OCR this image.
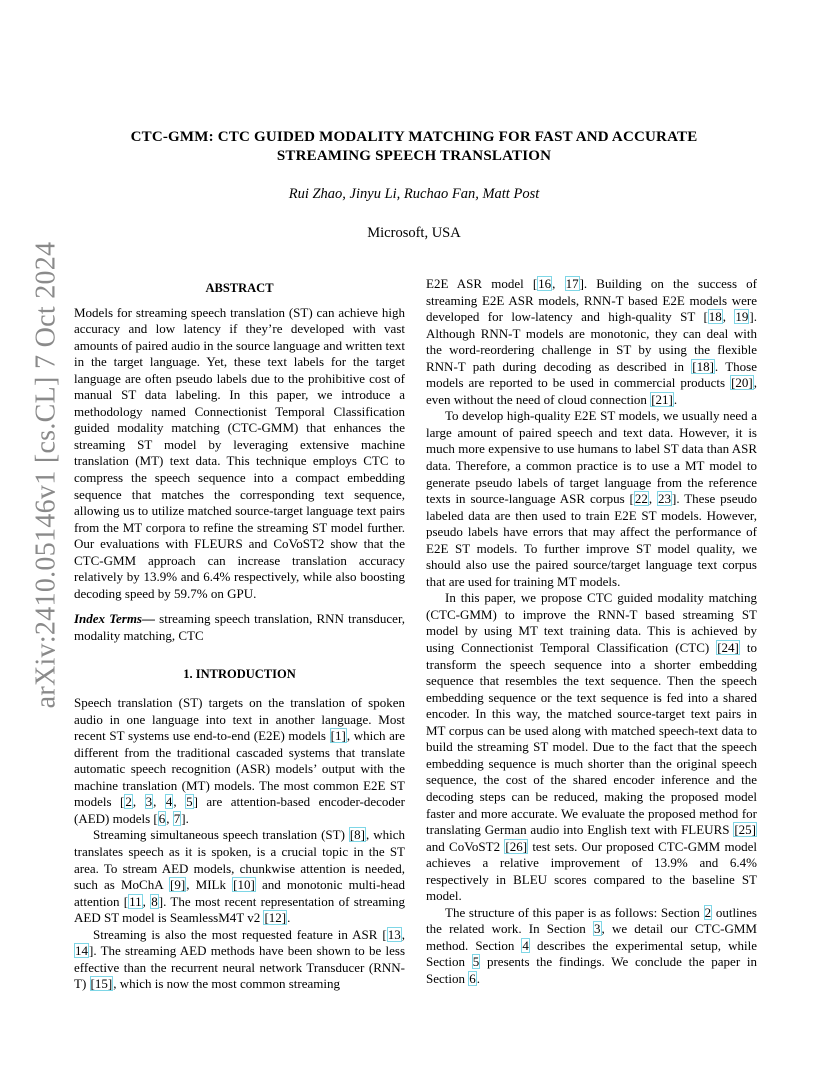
arXiv:2410.05146v1 [cs.CL] 7 Oct 2024
CTC-GMM: CTC GUIDED MODALITY MATCHING FOR FAST AND ACCURATE
STREAMING SPEECH TRANSLATION
Rui Zhao, Jinyu Li, Ruchao Fan, Matt Post
Microsoft, USA
ABSTRACT

Models for streaming speech translation (ST) can achieve high accuracy and low latency if they’re developed with vast amounts of paired audio in the source language and written text in the target language. Yet, these text labels for the target language are often pseudo labels due to the prohibitive cost of manual ST data labeling. In this paper, we introduce a methodology named Connectionist Temporal Classification guided modality matching (CTC-GMM) that enhances the streaming ST model by leveraging extensive machine translation (MT) text data. This technique employs CTC to compress the speech sequence into a compact embedding sequence that matches the corresponding text sequence, allowing us to utilize matched source-target language text pairs from the MT corpora to refine the streaming ST model further. Our evaluations with FLEURS and CoVoST2 show that the CTC-GMM approach can increase translation accuracy relatively by 13.9% and 6.4% respectively, while also boosting decoding speed by 59.7% on GPU.

Index Terms— streaming speech translation, RNN transducer, modality matching, CTC

1. INTRODUCTION

Speech translation (ST) targets on the translation of spoken audio in one language into text in another language. Most recent ST systems use end-to-end (E2E) models [1], which are different from the traditional cascaded systems that translate automatic speech recognition (ASR) models’ output with the machine translation (MT) models. The most common E2E ST models [2, 3, 4, 5] are attention-based encoder-decoder (AED) models [6, 7].

Streaming simultaneous speech translation (ST) [8], which translates speech as it is spoken, is a crucial topic in the ST area. To stream AED models, chunkwise attention is needed, such as MoChA [9], MILk [10] and monotonic multi-head attention [11, 8]. The most recent representation of streaming AED ST model is SeamlessM4T v2 [12].

Streaming is also the most requested feature in ASR [13, 14]. The streaming AED methods have been shown to be less effective than the recurrent neural network Transducer (RNN-T) [15], which is now the most common streaming

E2E ASR model [16, 17]. Building on the success of streaming E2E ASR models, RNN-T based E2E models were developed for low-latency and high-quality ST [18, 19]. Although RNN-T models are monotonic, they can deal with the word-reordering challenge in ST by using the flexible RNN-T path during decoding as described in [18]. Those models are reported to be used in commercial products [20], even without the need of cloud connection [21].

To develop high-quality E2E ST models, we usually need a large amount of paired speech and text data. However, it is much more expensive to use humans to label ST data than ASR data. Therefore, a common practice is to use a MT model to generate pseudo labels of target language from the reference texts in source-language ASR corpus [22, 23]. These pseudo labeled data are then used to train E2E ST models. However, pseudo labels have errors that may affect the performance of E2E ST models. To further improve ST model quality, we should also use the paired source/target language text corpus that are used for training MT models.

In this paper, we propose CTC guided modality matching (CTC-GMM) to improve the RNN-T based streaming ST model by using MT text training data. This is achieved by using Connectionist Temporal Classification (CTC) [24] to transform the speech sequence into a shorter embedding sequence that resembles the text sequence. Then the speech embedding sequence or the text sequence is fed into a shared encoder. In this way, the matched source-target text pairs in MT corpus can be used along with matched speech-text data to build the streaming ST model. Due to the fact that the speech embedding sequence is much shorter than the original speech sequence, the cost of the shared encoder inference and the decoding steps can be reduced, making the proposed model faster and more accurate. We evaluate the proposed method for translating German audio into English text with FLEURS [25] and CoVoST2 [26] test sets. Our proposed CTC-GMM model achieves a relative improvement of 13.9% and 6.4% respectively in BLEU scores compared to the baseline ST model.

The structure of this paper is as follows: Section 2 outlines the related work. In Section 3, we detail our CTC-GMM method. Section 4 describes the experimental setup, while Section 5 presents the findings. We conclude the paper in Section 6.
